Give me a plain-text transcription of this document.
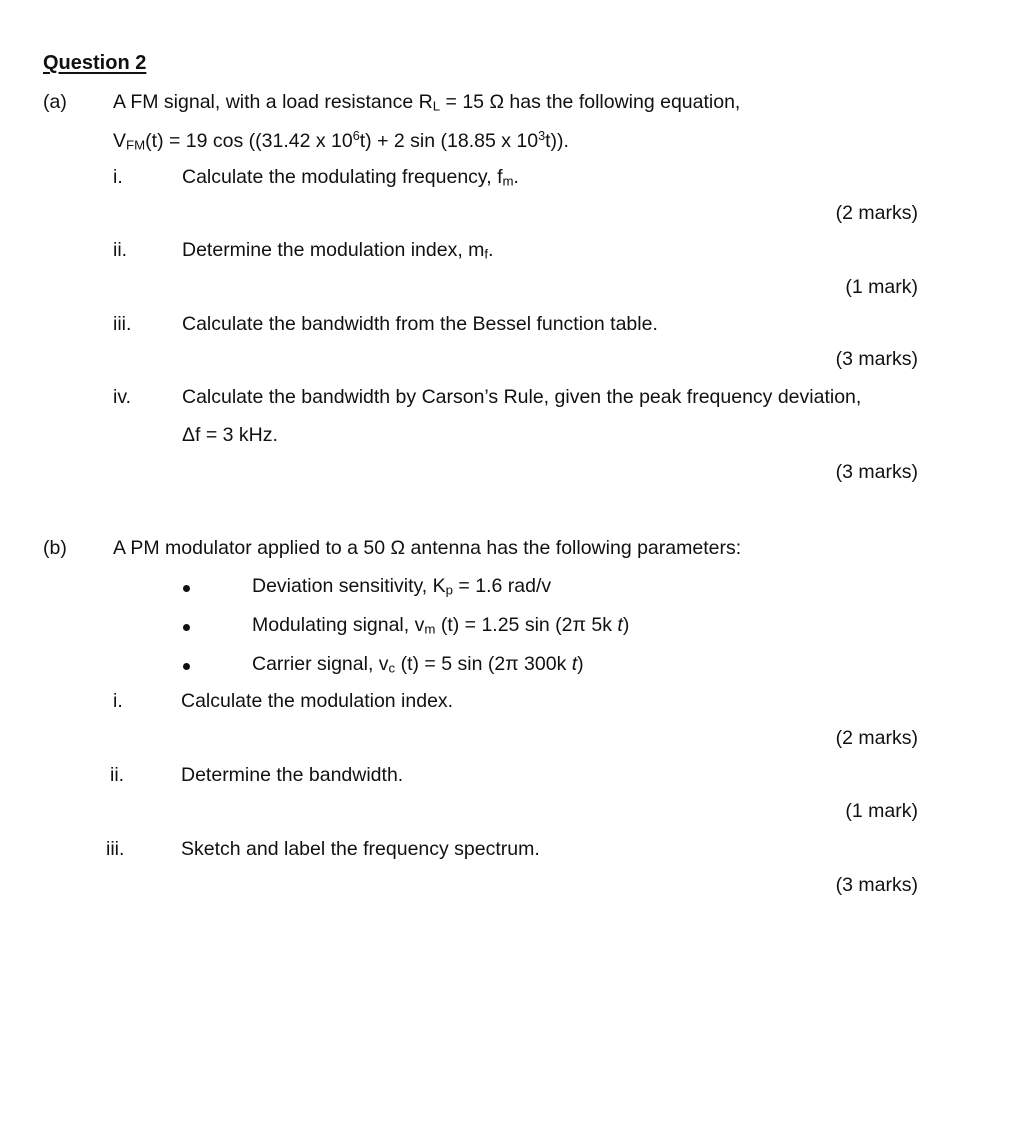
Question 2
(a) A FM signal, with a load resistance RL = 15 Ω has the following equation,
VFM(t) = 19 cos ((31.42 x $10^6t) + 2$ sin (18.85 x $10^3t$)).
i.	Calculate the modulating frequency, fm.
(2 marks)
ii.	Determine the modulation index, mf.
(1 mark)
iii.	Calculate the bandwidth from the Bessel function table.
(3 marks)
iv.	Calculate the bandwidth by Carson’s Rule, given the peak frequency deviation,
Δf = 3 kHz.
(3 marks)
(b) A PM modulator applied to a 50 Ω antenna has the following parameters:
Deviation sensitivity, Kp = 1.6 rad/v
Modulating signal, vm (t) = 1.25 sin (2π 5k t)
Carrier signal, vc (t) = 5 sin (2π 300k t)
i.	Calculate the modulation index.
(2 marks)
ii.	Determine the bandwidth.
(1 mark)
iii.	Sketch and label the frequency spectrum.
(3 marks)
